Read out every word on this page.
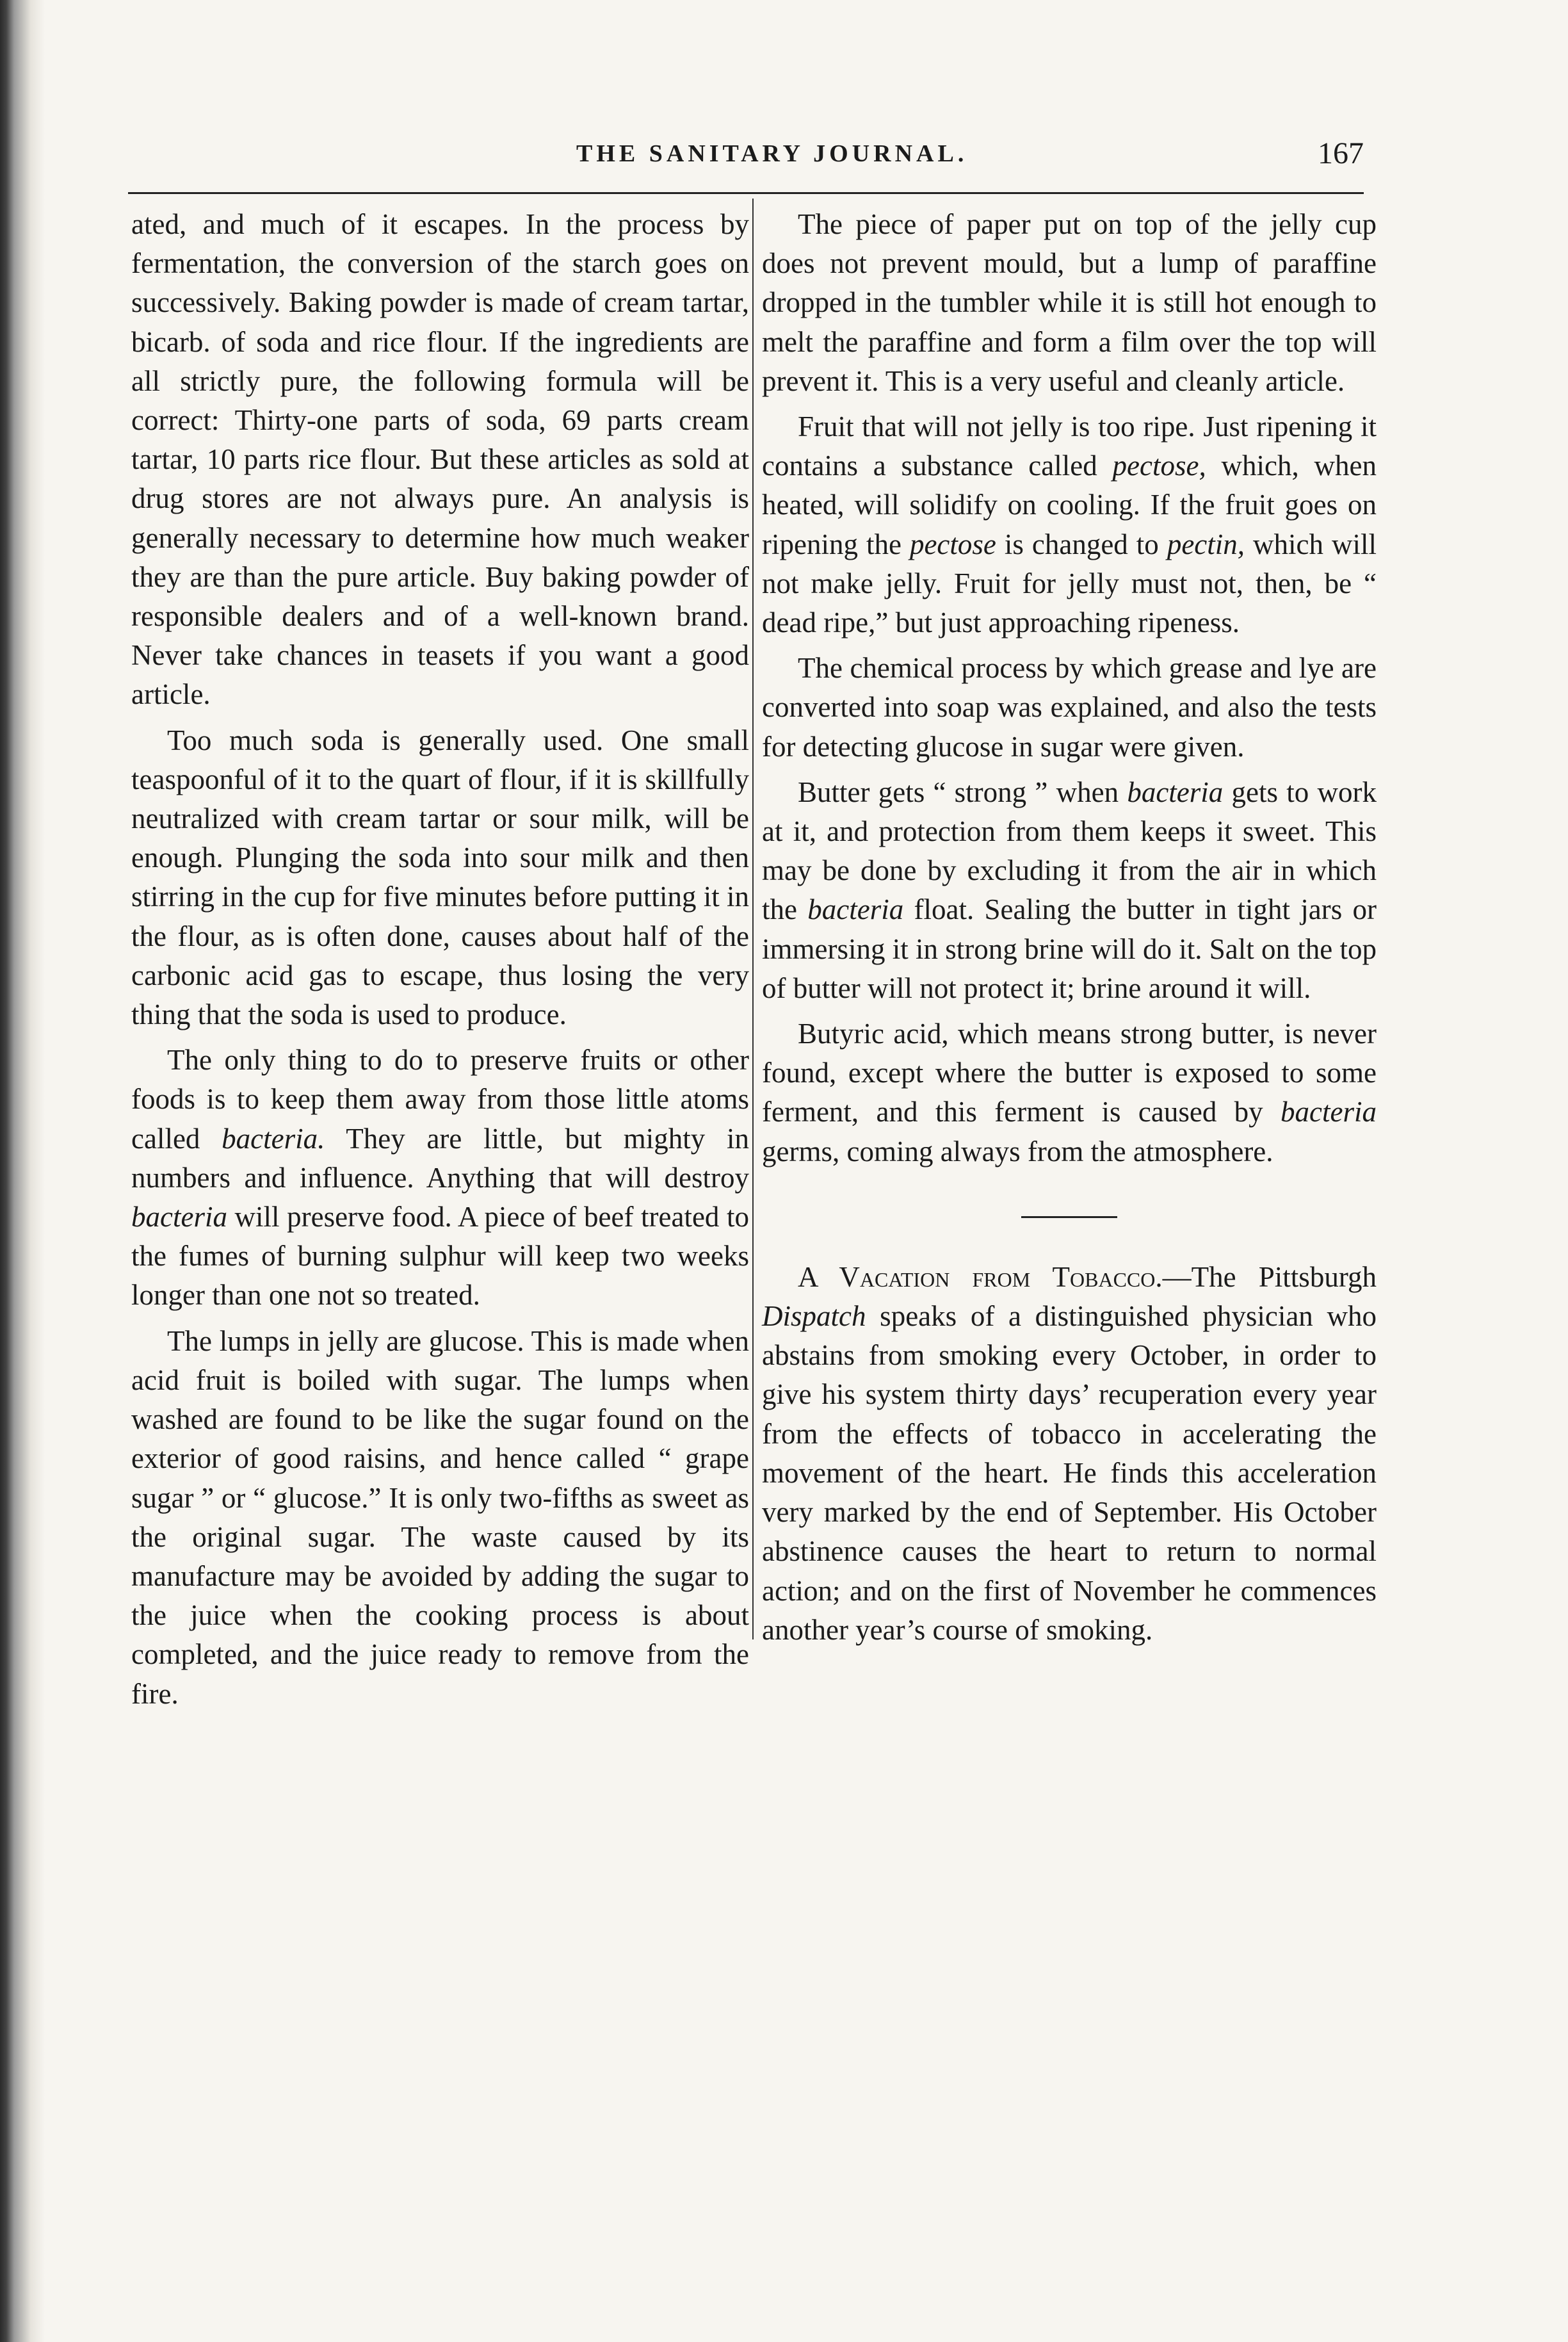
THE SANITARY JOURNAL.	167

ated, and much of it escapes. In the process by fermentation, the conversion of the starch goes on successively. Baking powder is made of cream tartar, bicarb. of soda and rice flour. If the ingredients are all strictly pure, the following formula will be correct: Thirty-one parts of soda, 69 parts cream tartar, 10 parts rice flour. But these articles as sold at drug stores are not always pure. An analysis is generally necessary to determine how much weaker they are than the pure article. Buy baking powder of responsible dealers and of a well-known brand. Never take chances in teasets if you want a good article.

Too much soda is generally used. One small teaspoonful of it to the quart of flour, if it is skillfully neutralized with cream tartar or sour milk, will be enough. Plunging the soda into sour milk and then stirring in the cup for five minutes before putting it in the flour, as is often done, causes about half of the carbonic acid gas to escape, thus losing the very thing that the soda is used to produce.

The only thing to do to preserve fruits or other foods is to keep them away from those little atoms called bacteria. They are little, but mighty in numbers and influence. Anything that will destroy bacteria will preserve food. A piece of beef treated to the fumes of burning sulphur will keep two weeks longer than one not so treated.

The lumps in jelly are glucose. This is made when acid fruit is boiled with sugar. The lumps when washed are found to be like the sugar found on the exterior of good raisins, and hence called “ grape sugar ” or “ glucose.” It is only two-fifths as sweet as the original sugar. The waste caused by its manufacture may be avoided by adding the sugar to the juice when the cooking process is about completed, and the juice ready to remove from the fire.

The piece of paper put on top of the jelly cup does not prevent mould, but a lump of paraffine dropped in the tumbler while it is still hot enough to melt the paraffine and form a film over the top will prevent it. This is a very useful and cleanly article.

Fruit that will not jelly is too ripe. Just ripening it contains a substance called pectose, which, when heated, will solidify on cooling. If the fruit goes on ripening the pectose is changed to pectin, which will not make jelly. Fruit for jelly must not, then, be “ dead ripe,” but just approaching ripeness.

The chemical process by which grease and lye are converted into soap was explained, and also the tests for detecting glucose in sugar were given.

Butter gets “ strong ” when bacteria gets to work at it, and protection from them keeps it sweet. This may be done by excluding it from the air in which the bacteria float. Sealing the butter in tight jars or immersing it in strong brine will do it. Salt on the top of butter will not protect it; brine around it will.

Butyric acid, which means strong butter, is never found, except where the butter is exposed to some ferment, and this ferment is caused by bacteria germs, coming always from the atmosphere.

A Vacation from Tobacco.—The Pittsburgh Dispatch speaks of a distinguished physician who abstains from smoking every October, in order to give his system thirty days’ recuperation every year from the effects of tobacco in accelerating the movement of the heart. He finds this acceleration very marked by the end of September. His October abstinence causes the heart to return to normal action; and on the first of November he commences another year’s course of smoking.
